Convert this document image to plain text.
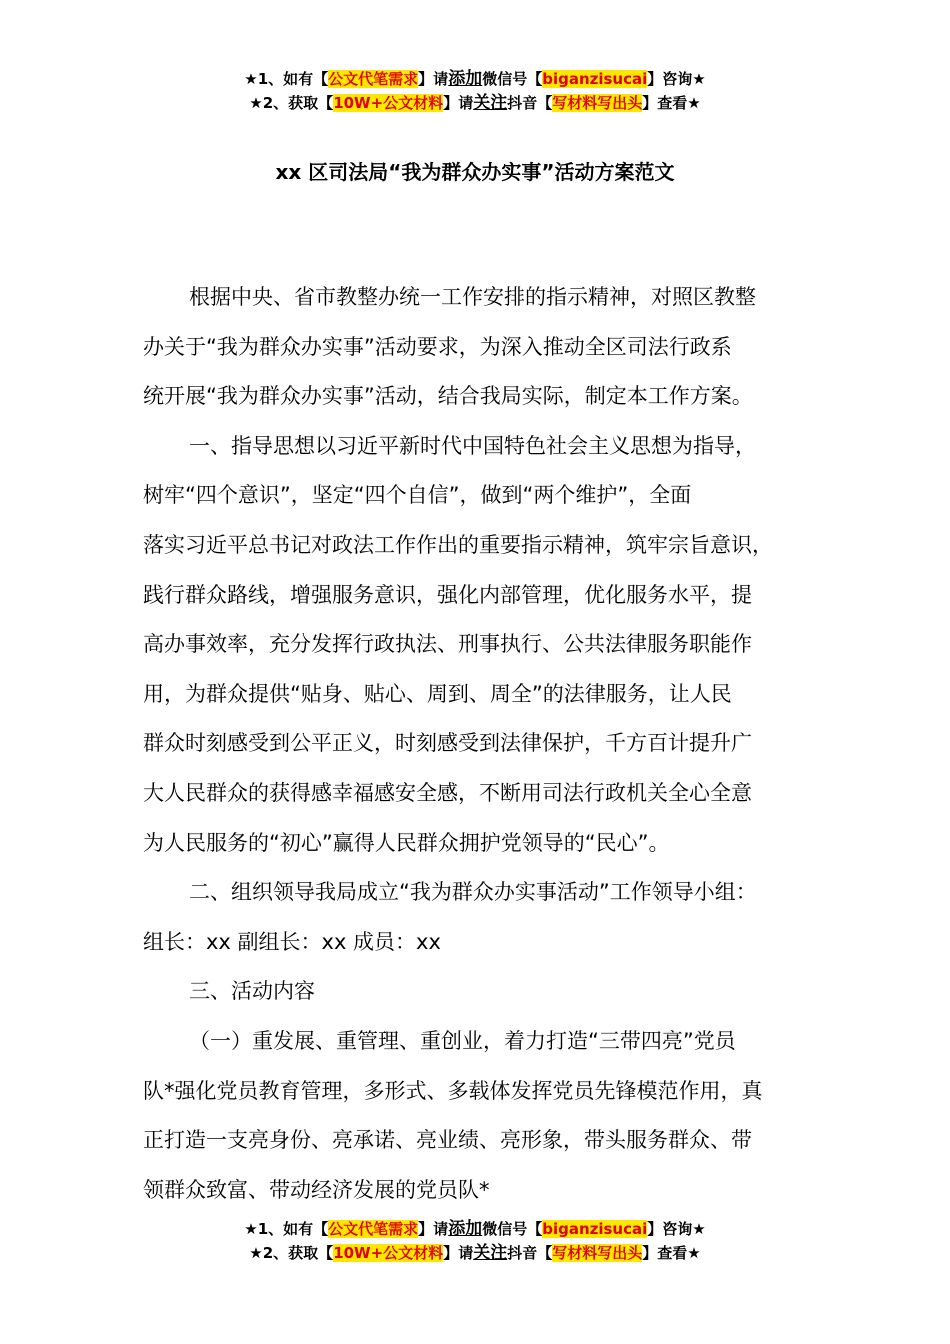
★1、如有【公文代笔需求】请添加微信号【biganzisucai】咨询★
★2、获取【10W+公文材料】请关注抖音【写材料写出头】查看★
xx 区司法局“我为群众办实事”活动方案范文
根据中央、省市教整办统一工作安排的指示精神，对照区教整
办关于“我为群众办实事”活动要求，为深入推动全区司法行政系
统开展“我为群众办实事”活动，结合我局实际，制定本工作方案。
一、指导思想以习近平新时代中国特色社会主义思想为指导，
树牢“四个意识”，坚定“四个自信”，做到“两个维护”，全面
落实习近平总书记对政法工作作出的重要指示精神，筑牢宗旨意识，
践行群众路线，增强服务意识，强化内部管理，优化服务水平，提
高办事效率，充分发挥行政执法、刑事执行、公共法律服务职能作
用，为群众提供“贴身、贴心、周到、周全”的法律服务，让人民
群众时刻感受到公平正义，时刻感受到法律保护，千方百计提升广
大人民群众的获得感幸福感安全感，不断用司法行政机关全心全意
为人民服务的“初心”赢得人民群众拥护党领导的“民心”。
二、组织领导我局成立“我为群众办实事活动”工作领导小组：
组长：xx 副组长：xx 成员：xx
三、活动内容
（一）重发展、重管理、重创业，着力打造“三带四亮”党员
队*强化党员教育管理，多形式、多载体发挥党员先锋模范作用，真
正打造一支亮身份、亮承诺、亮业绩、亮形象，带头服务群众、带
领群众致富、带动经济发展的党员队*
★1、如有【公文代笔需求】请添加微信号【biganzisucai】咨询★
★2、获取【10W+公文材料】请关注抖音【写材料写出头】查看★
